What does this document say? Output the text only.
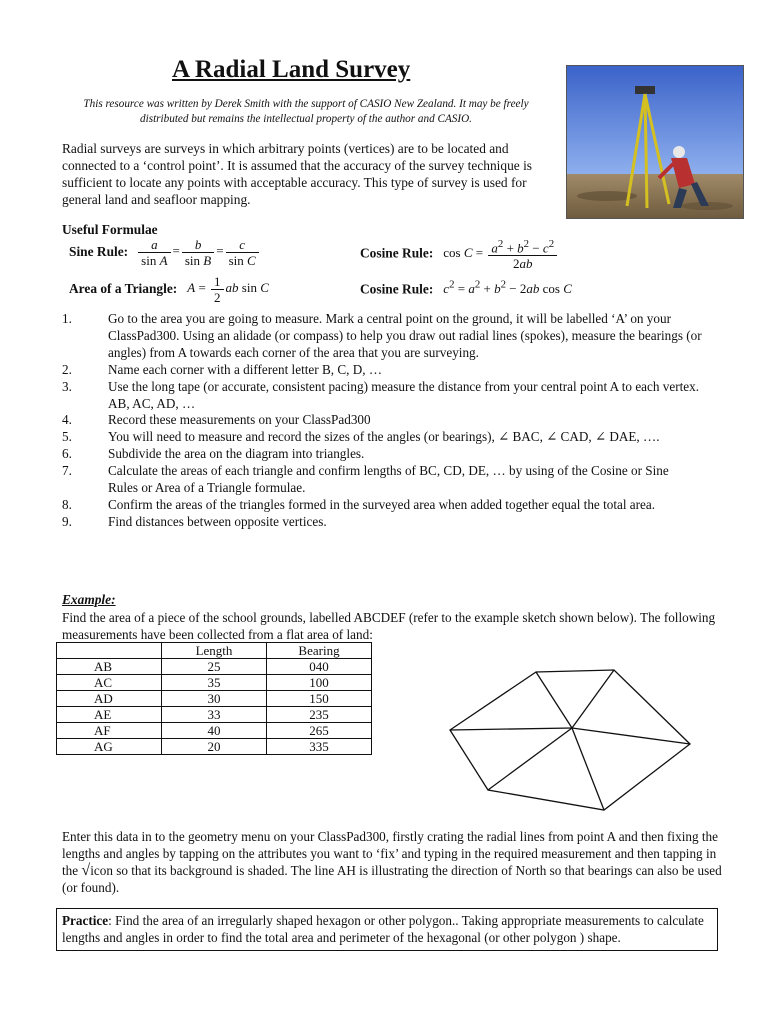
A Radial Land Survey
This resource was written by Derek Smith with the support of CASIO New Zealand. It may be freely distributed but remains the intellectual property of the author and CASIO.
Radial surveys are surveys in which arbitrary points (vertices) are to be located and connected to a ‘control point’. It is assumed that the accuracy of the survey technique is sufficient to locate any points with acceptable accuracy. This type of survey is used for general land and seafloor mapping.
Useful Formulae
Sine Rule: $\frac{a}{\text{sin A}} = \frac{b}{\text{sin B}} = \frac{c}{\text{sin C}}$	Cosine Rule: $\cos C = \frac{a^2 + b^2 - c^2}{2ab}$
Area of a Triangle: $A = \frac{1}{2}$ ab sin C	Cosine Rule: $c^2 = a^2 + b^2 - 2ab$ cos C
1.	Go to the area you are going to measure. Mark a central point on the ground, it will be labelled ‘A’ on your ClassPad300. Using an alidade (or compass) to help you draw out radial lines (spokes), measure the bearings (or angles) from A towards each corner of the area that you are surveying.
2.	Name each corner with a different letter B, C, D, …
3.	Use the long tape (or accurate, consistent pacing) measure the distance from your central point A to each vertex. AB, AC, AD, …
4.	Record these measurements on your ClassPad300
5.	You will need to measure and record the sizes of the angles (or bearings), ∠ BAC, ∠ CAD, ∠ DAE, ….
6.	Subdivide the area on the diagram into triangles.
7.	Calculate the areas of each triangle and confirm lengths of BC, CD, DE, … by using of the Cosine or Sine Rules or Area of a Triangle formulae.
8.	Confirm the areas of the triangles formed in the surveyed area when added together equal the total area.
9.	Find distances between opposite vertices.
Example:
Find the area of a piece of the school grounds, labelled ABCDEF (refer to the example sketch shown below). The following measurements have been collected from a flat area of land:
	Length	Bearing
AB	25	040
AC	35	100
AD	30	150
AE	33	235
AF	40	265
AG	20	335
Enter this data in to the geometry menu on your ClassPad300, firstly crating the radial lines from point A and then fixing the lengths and angles by tapping on the attributes you want to ‘fix’ and typing in the required measurement and then tapping in the √icon so that its background is shaded. The line AH is illustrating the direction of North so that bearings can also be used (or found).
Practice: Find the area of an irregularly shaped hexagon or other polygon.. Taking appropriate measurements to calculate lengths and angles in order to find the total area and perimeter of the hexagonal (or other polygon ) shape.
